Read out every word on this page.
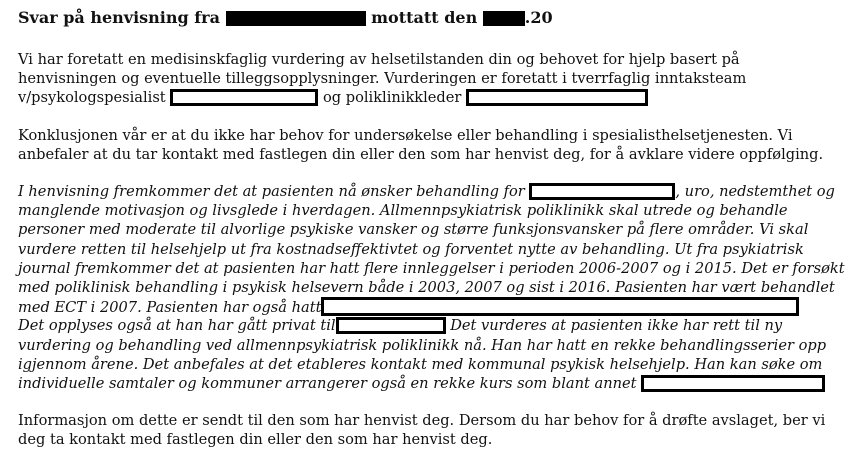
Svar på henvisning fra	mottatt den	.20

Vi har foretatt en medisinskfaglig vurdering av helsetilstanden din og behovet for hjelp basert på
henvisningen og eventuelle tilleggsopplysninger. Vurderingen er foretatt i tverrfaglig inntaksteam
v/psykologspesialist	og poliklinikkleder
Konklusjonen vår er at du ikke har behov for undersøkelse eller behandling i spesialisthelsetjenesten. Vi
anbefaler at du tar kontakt med fastlegen din eller den som har henvist deg, for å avklare videre oppfølging.
I henvisning fremkommer det at pasienten nå ønsker behandling for	, uro, nedstemthet og
manglende motivasjon og livsglede i hverdagen. Allmennpsykiatrisk poliklinikk skal utrede og behandle
personer med moderate til alvorlige psykiske vansker og større funksjonsvansker på flere områder. Vi skal
vurdere retten til helsehjelp ut fra kostnadseffektivtet og forventet nytte av behandling. Ut fra psykiatrisk
journal fremkommer det at pasienten har hatt flere innleggelser i perioden 2006-2007 og i 2015. Det er forsøkt
med poliklinisk behandling i psykisk helsevern både i 2003, 2007 og sist i 2016. Pasienten har vært behandlet
med ECT i 2007. Pasienten har også hatt
Det opplyses også at han har gått privat til	Det vurderes at pasienten ikke har rett til ny
vurdering og behandling ved allmennpsykiatrisk poliklinikk nå. Han har hatt en rekke behandlingsserier opp
igjennom årene. Det anbefales at det etableres kontakt med kommunal psykisk helsehjelp. Han kan søke om
individuelle samtaler og kommuner arrangerer også en rekke kurs som blant annet
Informasjon om dette er sendt til den som har henvist deg. Dersom du har behov for å drøfte avslaget, ber vi
deg ta kontakt med fastlegen din eller den som har henvist deg.
